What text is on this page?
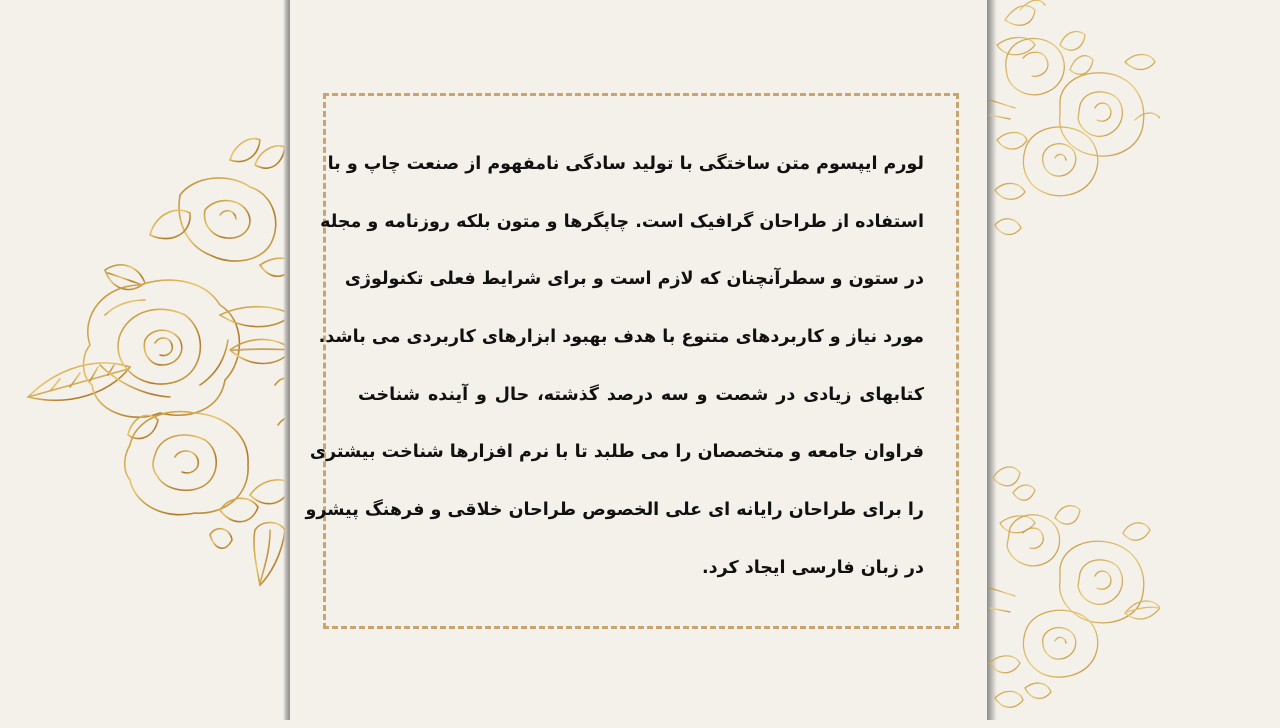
لورم ایپسوم متن ساختگی با تولید سادگی نامفهوم از صنعت چاپ و با
استفاده از طراحان گرافیک است. چاپگرها و متون بلکه روزنامه و مجله
در ستون و سطرآنچنان که لازم است و برای شرایط فعلی تکنولوژی
مورد نیاز و کاربردهای متنوع با هدف بهبود ابزارهای کاربردی می باشد.
کتابهای زیادی در شصت و سه درصد گذشته، حال و آینده شناخت
فراوان جامعه و متخصصان را می طلبد تا با نرم افزارها شناخت بیشتری
را برای طراحان رایانه ای علی الخصوص طراحان خلاقی و فرهنگ پیشرو
در زبان فارسی ایجاد کرد.
